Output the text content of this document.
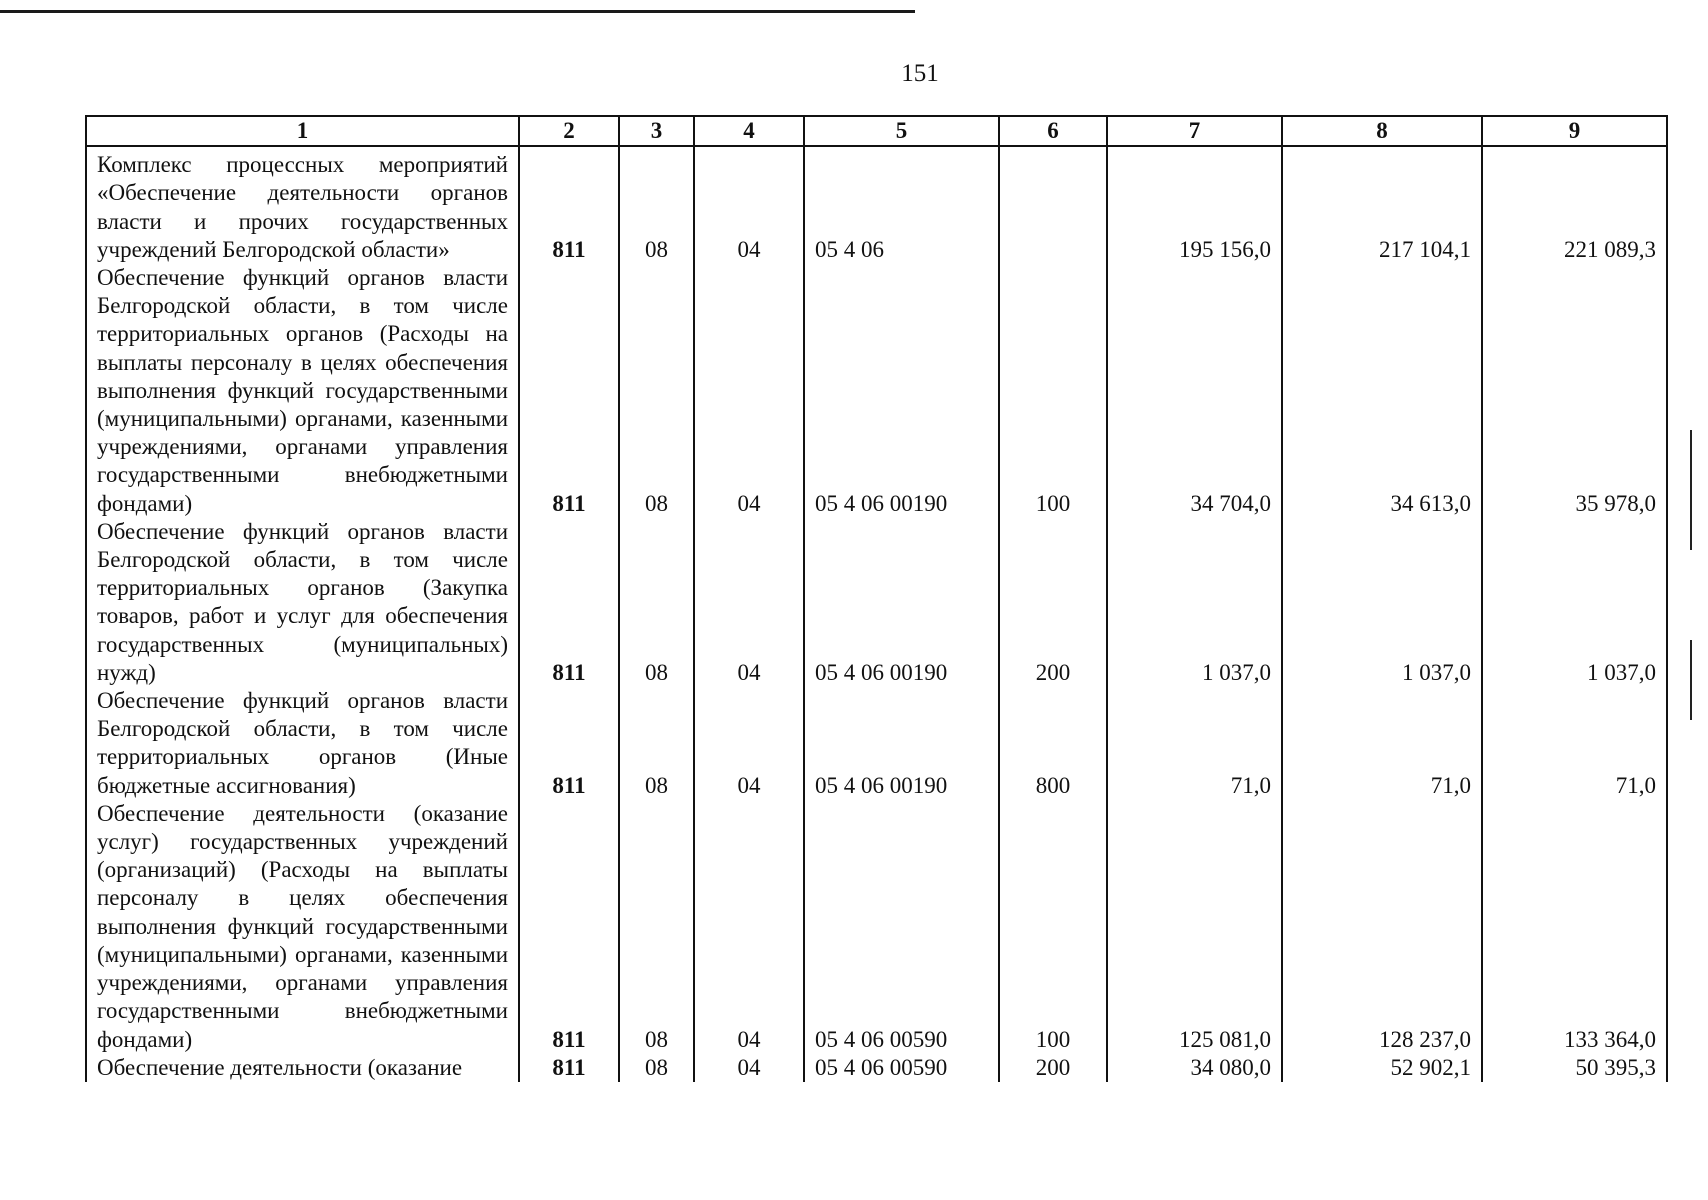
151
1	2	3	4	5	6	7	8	9
Комплекс процессных мероприятий «Обеспечение деятельности органов власти и прочих государственных учреждений Белгородской области»	811	08	04	05 4 06		195 156,0	217 104,1	221 089,3
Обеспечение функций органов власти Белгородской области, в том числе территориальных органов (Расходы на выплаты персоналу в целях обеспечения выполнения функций государственными (муниципальными) органами, казенными учреждениями, органами управления государственными внебюджетными фондами)	811	08	04	05 4 06 00190	100	34 704,0	34 613,0	35 978,0
Обеспечение функций органов власти Белгородской области, в том числе территориальных органов (Закупка товаров, работ и услуг для обеспечения государственных (муниципальных) нужд)	811	08	04	05 4 06 00190	200	1 037,0	1 037,0	1 037,0
Обеспечение функций органов власти Белгородской области, в том числе территориальных органов (Иные бюджетные ассигнования)	811	08	04	05 4 06 00190	800	71,0	71,0	71,0
Обеспечение деятельности (оказание услуг) государственных учреждений (организаций) (Расходы на выплаты персоналу в целях обеспечения выполнения функций государственными (муниципальными) органами, казенными учреждениями, органами управления государственными внебюджетными фондами)	811	08	04	05 4 06 00590	100	125 081,0	128 237,0	133 364,0
Обеспечение деятельности (оказание	811	08	04	05 4 06 00590	200	34 080,0	52 902,1	50 395,3
